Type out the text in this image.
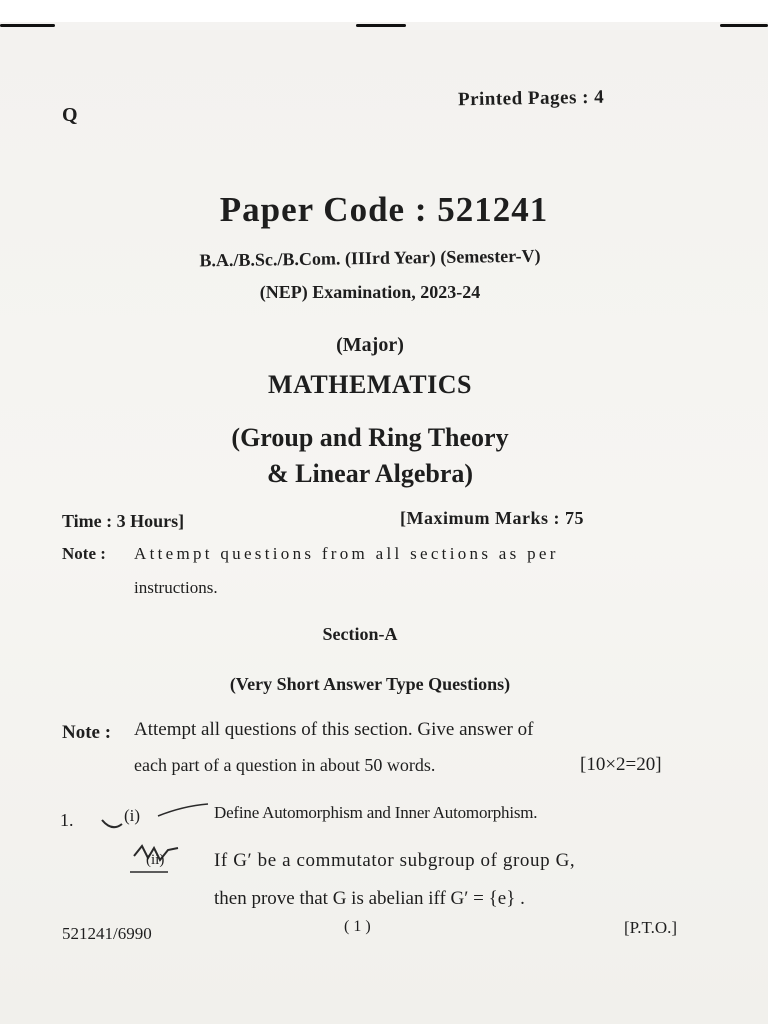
Q
Printed Pages : 4
Paper Code : 521241
B.A./B.Sc./B.Com. (IIIrd Year) (Semester-V)
(NEP) Examination, 2023-24
(Major)
MATHEMATICS
(Group and Ring Theory
& Linear Algebra)
Time : 3 Hours]	[Maximum Marks : 75
Note : Attempt questions from all sections as per
instructions.
Section-A
(Very Short Answer Type Questions)
Note : Attempt all questions of this section. Give answer of
each part of a question in about 50 words.	[10×2=20]
1.	(i)	Define Automorphism and Inner Automorphism.
(ii)	If G′ be a commutator subgroup of group G,
then prove that G is abelian iff G′ = {e} .
521241/6990	( 1 )	[P.T.O.]
